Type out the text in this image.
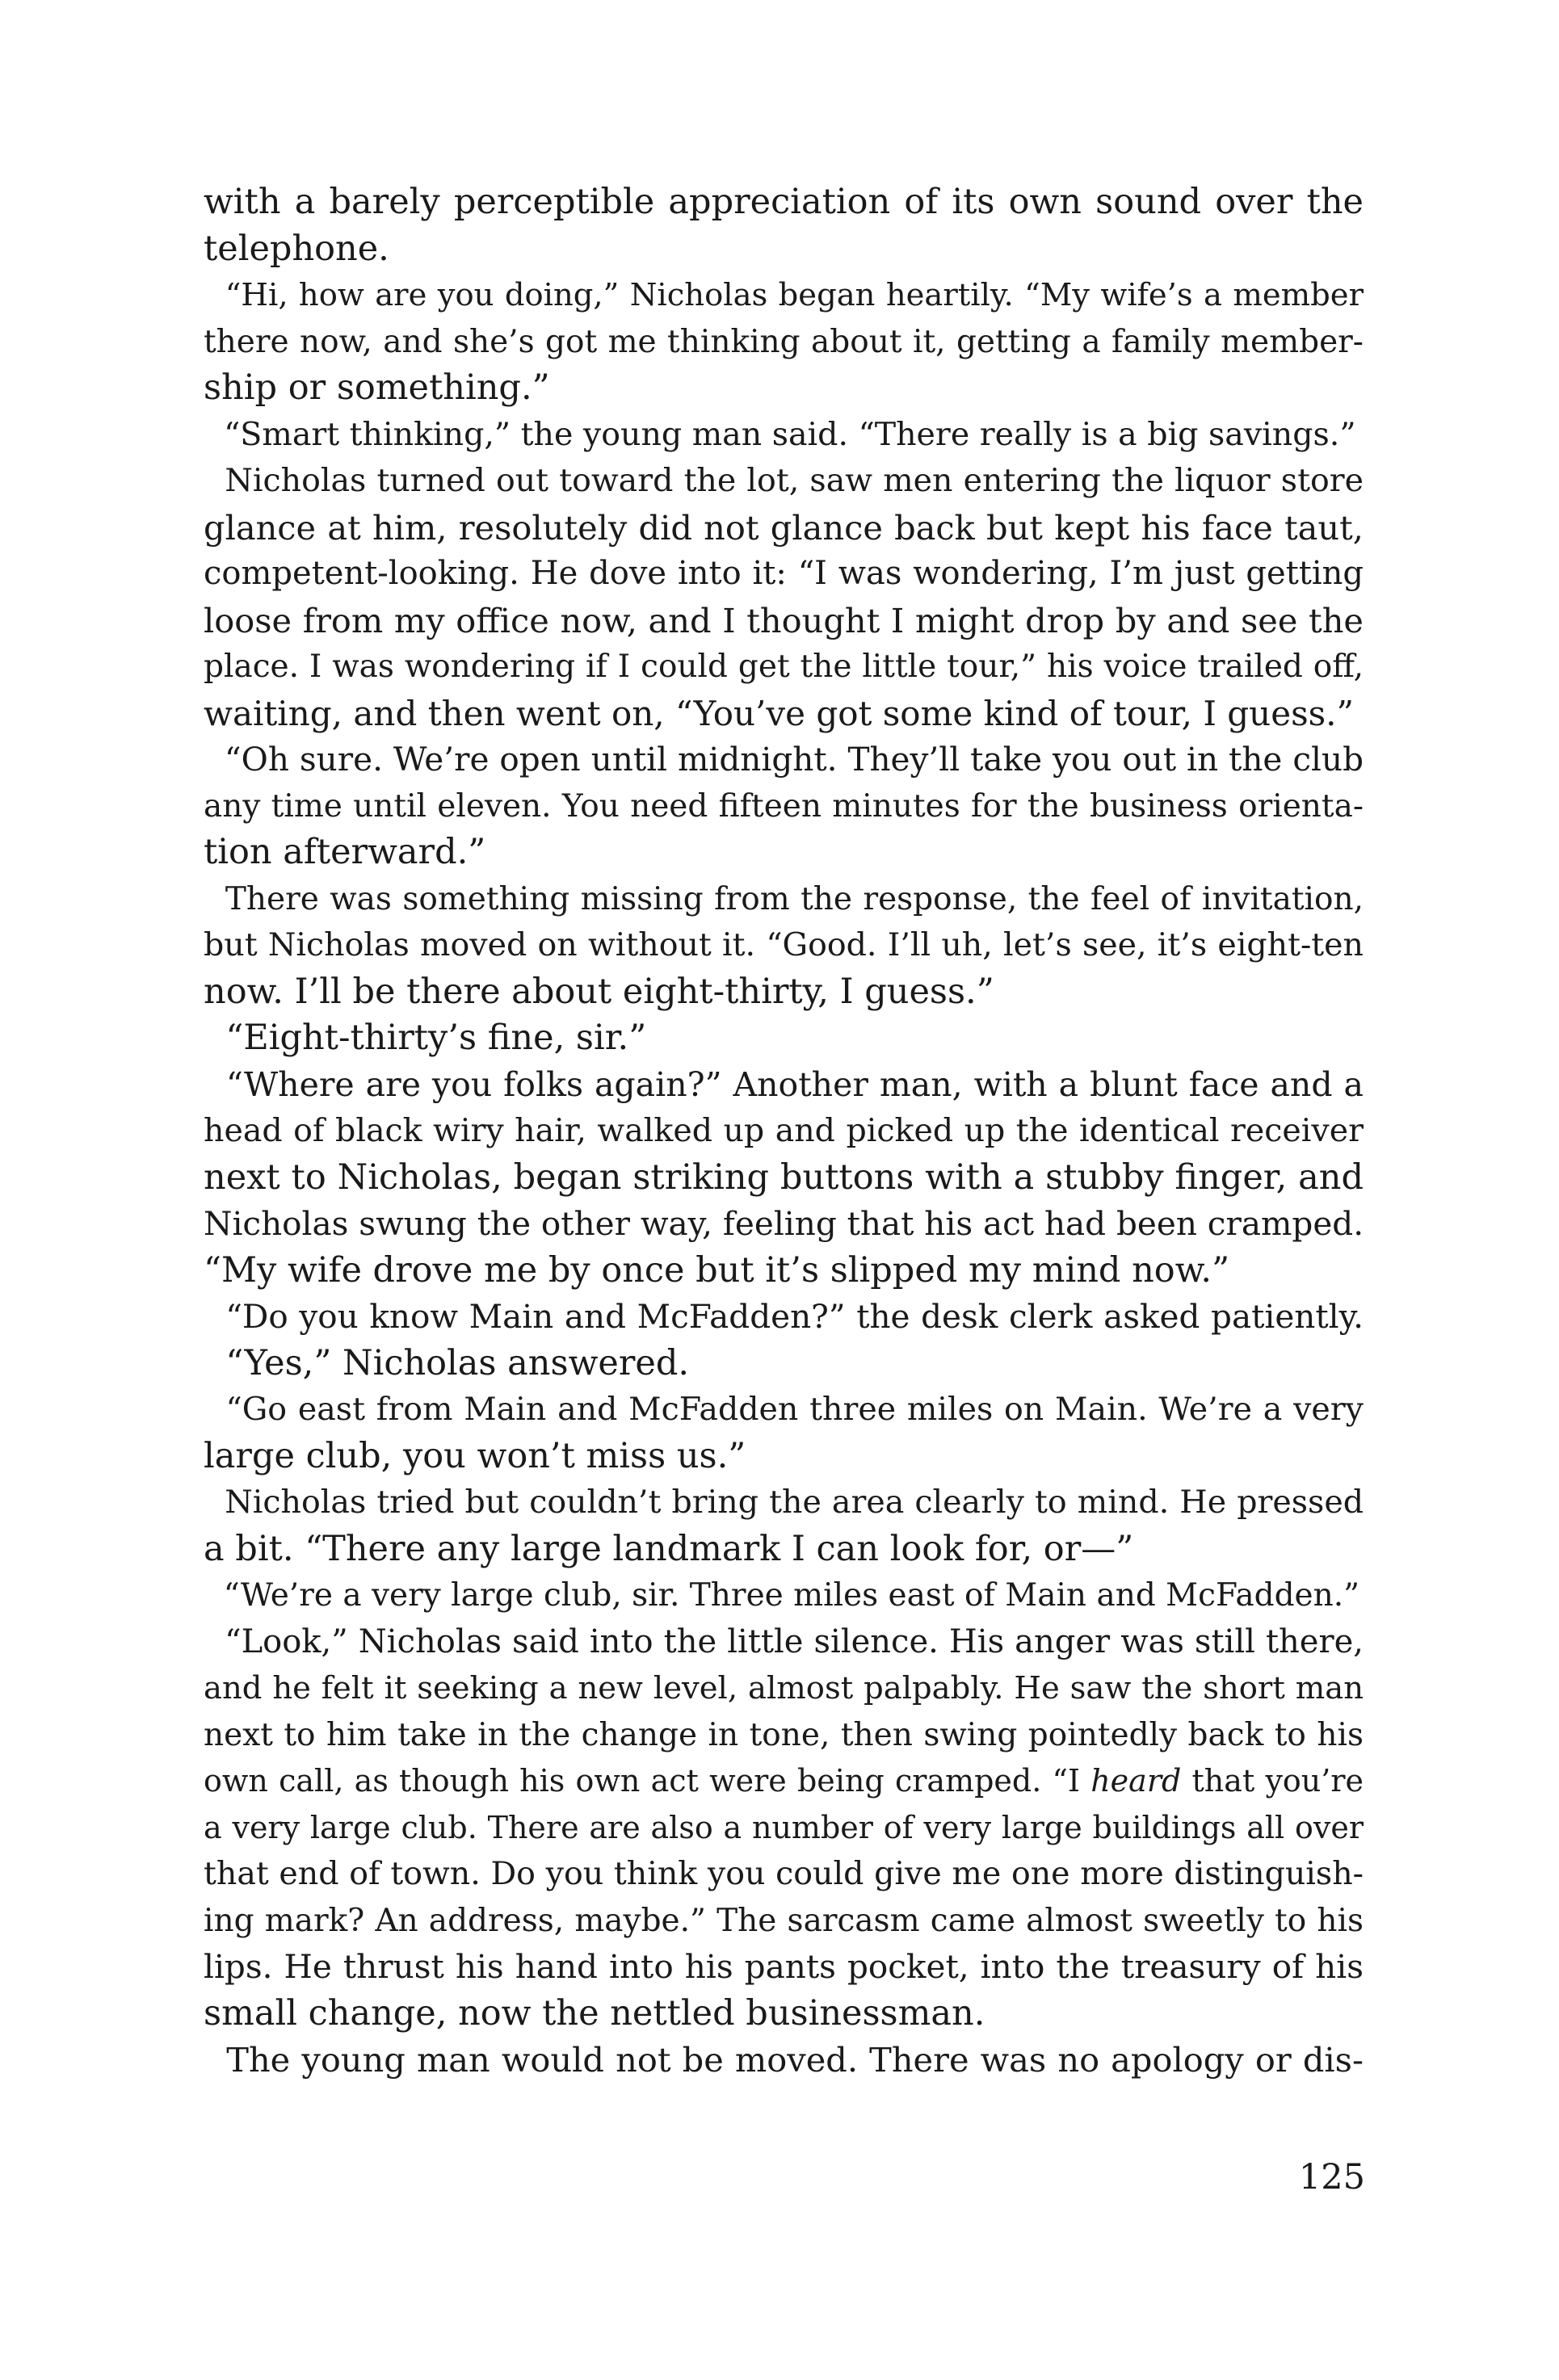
with a barely perceptible appreciation of its own sound over the
telephone.
“Hi, how are you doing,” Nicholas began heartily. “My wife’s a member
there now, and she’s got me thinking about it, getting a family member-
ship or something.”
“Smart thinking,” the young man said. “There really is a big savings.”
Nicholas turned out toward the lot, saw men entering the liquor store
glance at him, resolutely did not glance back but kept his face taut,
competent-looking. He dove into it: “I was wondering, I’m just getting
loose from my office now, and I thought I might drop by and see the
place. I was wondering if I could get the little tour,” his voice trailed off,
waiting, and then went on, “You’ve got some kind of tour, I guess.”
“Oh sure. We’re open until midnight. They’ll take you out in the club
any time until eleven. You need fifteen minutes for the business orienta-
tion afterward.”
There was something missing from the response, the feel of invitation,
but Nicholas moved on without it. “Good. I’ll uh, let’s see, it’s eight-ten
now. I’ll be there about eight-thirty, I guess.”
“Eight-thirty’s fine, sir.”
“Where are you folks again?” Another man, with a blunt face and a
head of black wiry hair, walked up and picked up the identical receiver
next to Nicholas, began striking buttons with a stubby finger, and
Nicholas swung the other way, feeling that his act had been cramped.
“My wife drove me by once but it’s slipped my mind now.”
“Do you know Main and McFadden?” the desk clerk asked patiently.
“Yes,” Nicholas answered.
“Go east from Main and McFadden three miles on Main. We’re a very
large club, you won’t miss us.”
Nicholas tried but couldn’t bring the area clearly to mind. He pressed
a bit. “There any large landmark I can look for, or—”
“We’re a very large club, sir. Three miles east of Main and McFadden.”
“Look,” Nicholas said into the little silence. His anger was still there,
and he felt it seeking a new level, almost palpably. He saw the short man
next to him take in the change in tone, then swing pointedly back to his
own call, as though his own act were being cramped. “I heard that you’re
a very large club. There are also a number of very large buildings all over
that end of town. Do you think you could give me one more distinguish-
ing mark? An address, maybe.” The sarcasm came almost sweetly to his
lips. He thrust his hand into his pants pocket, into the treasury of his
small change, now the nettled businessman.
The young man would not be moved. There was no apology or dis-
125
